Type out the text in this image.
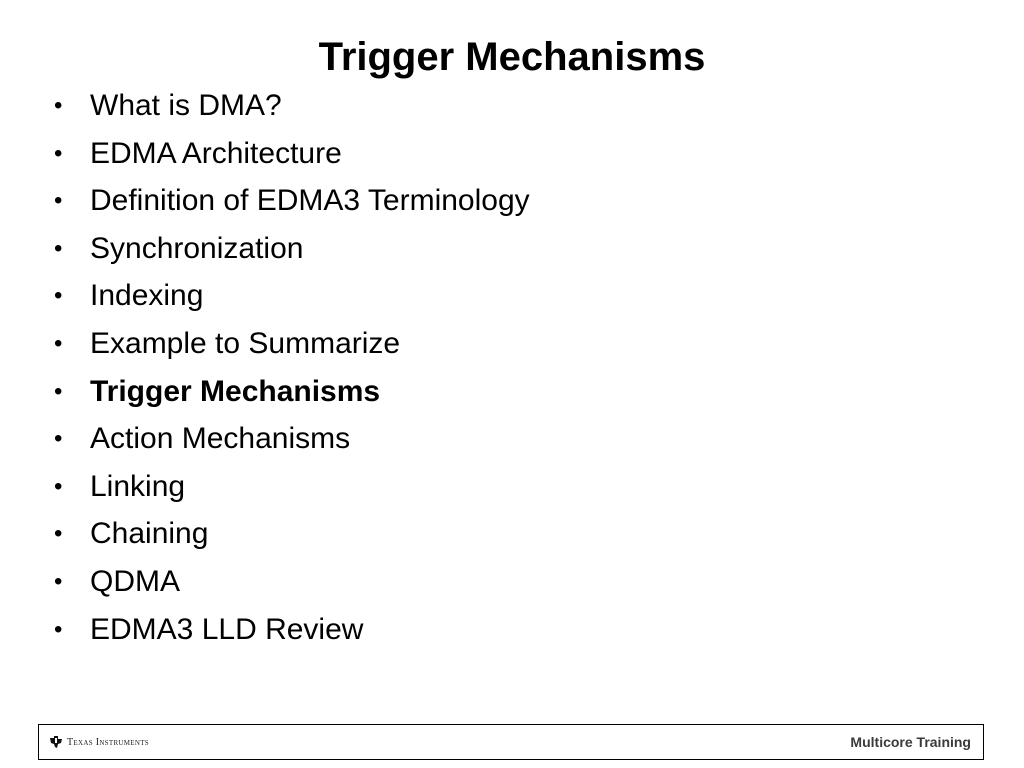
Trigger Mechanisms
• What is DMA?
• EDMA Architecture
• Definition of EDMA3 Terminology
• Synchronization
• Indexing
• Example to Summarize
• Trigger Mechanisms
• Action Mechanisms
• Linking
• Chaining
• QDMA
• EDMA3 LLD Review
Texas Instruments	Multicore Training
